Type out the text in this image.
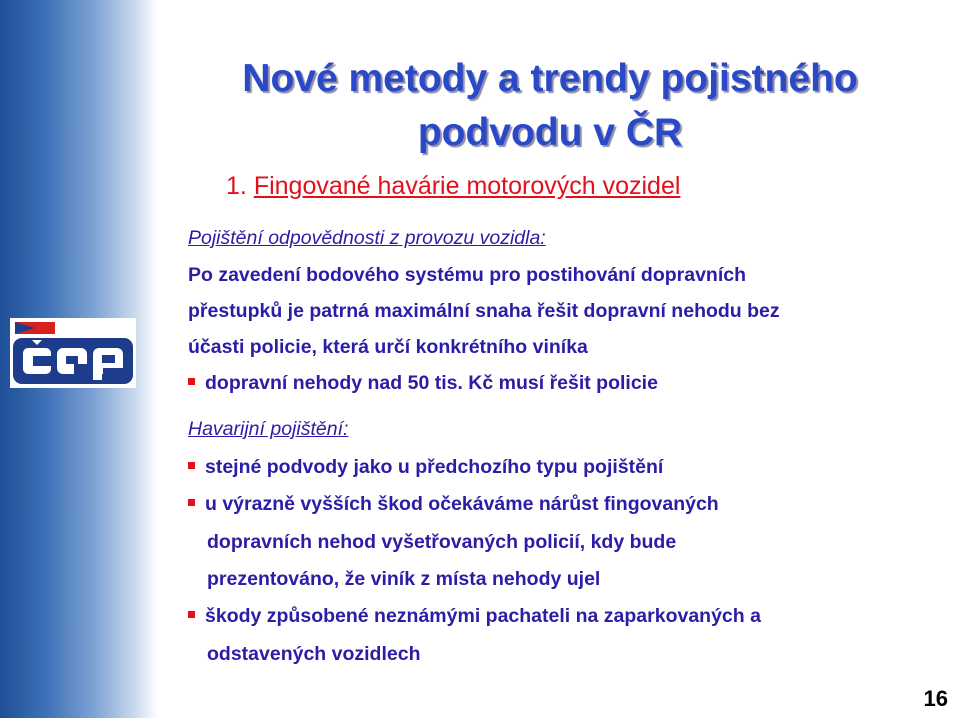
Nové metody a trendy pojistného
podvodu v ČR
1. Fingované havárie motorových vozidel
Pojištění odpovědnosti z provozu vozidla:
Po zavedení bodového systému pro postihování dopravních
přestupků je patrná maximální snaha řešit dopravní nehodu bez
účasti policie, která určí konkrétního viníka
dopravní nehody nad 50 tis. Kč musí řešit policie
Havarijní pojištění:
stejné podvody jako u předchozího typu pojištění
u výrazně vyšších škod očekáváme nárůst fingovaných
dopravních nehod vyšetřovaných policií, kdy bude
prezentováno, že viník z místa nehody ujel
škody způsobené neznámými pachateli na zaparkovaných a
odstavených vozidlech
16
